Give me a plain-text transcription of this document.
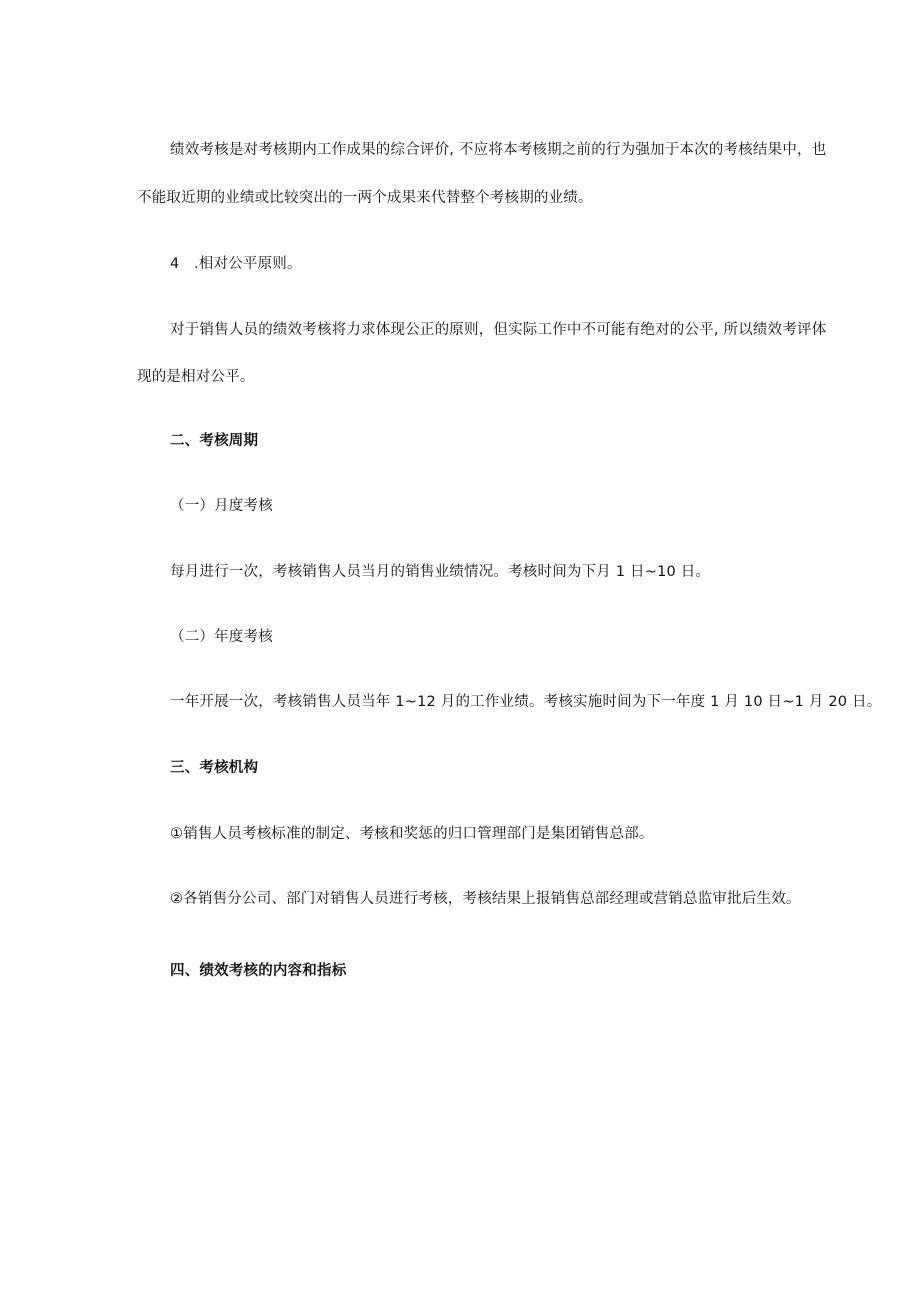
绩效考核是对考核期内工作成果的综合评价, 不应将本考核期之前的行为强加于本次的考核结果中，也
不能取近期的业绩或比较突出的一两个成果来代替整个考核期的业绩。
4 .相对公平原则。
对于销售人员的绩效考核将力求体现公正的原则，但实际工作中不可能有绝对的公平, 所以绩效考评体
现的是相对公平。
二、考核周期
（一）月度考核
每月进行一次，考核销售人员当月的销售业绩情况。考核时间为下月 1 日~10 日。
（二）年度考核
一年开展一次，考核销售人员当年 1~12 月的工作业绩。考核实施时间为下一年度 1 月 10 日~1 月 20 日。
三、考核机构
①销售人员考核标准的制定、考核和奖惩的归口管理部门是集团销售总部。
②各销售分公司、部门对销售人员进行考核，考核结果上报销售总部经理或营销总监审批后生效。
四、绩效考核的内容和指标
